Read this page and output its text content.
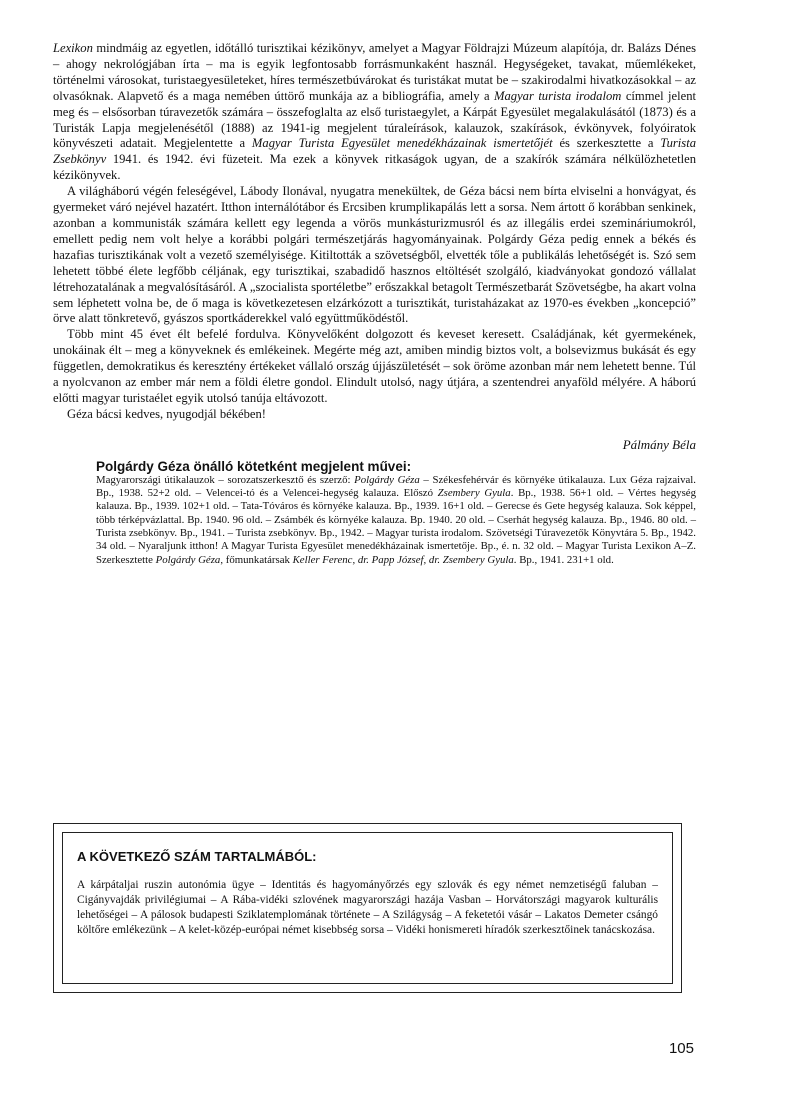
Lexikon mindmáig az egyetlen, időtálló turisztikai kézikönyv, amelyet a Magyar Földrajzi Múzeum alapítója, dr. Balázs Dénes – ahogy nekrológjában írta – ma is egyik legfontosabb forrásmunkaként használ. Hegységeket, tavakat, műemlékeket, történelmi városokat, turistaegyesületeket, híres természetbúvárokat és turistákat mutat be – szakirodalmi hivatkozásokkal – az olvasóknak. Alapvető és a maga nemében úttörő munkája az a bibliográfia, amely a Magyar turista irodalom címmel jelent meg és – elsősorban túravezetők számára – összefoglalta az első turistaegylet, a Kárpát Egyesület megalakulásától (1873) és a Turisták Lapja megjelenésétől (1888) az 1941-ig megjelent túraleírások, kalauzok, szakírások, évkönyvek, folyóiratok könyvészeti adatait. Megjelentette a Magyar Turista Egyesület menedékházainak ismertetőjét és szerkesztette a Turista Zsebkönyv 1941. és 1942. évi füzeteit. Ma ezek a könyvek ritkaságok ugyan, de a szakírók számára nélkülözhetetlen kézikönyvek.

A világháború végén feleségével, Lábody Ilonával, nyugatra menekültek, de Géza bácsi nem bírta elviselni a honvágyat, és gyermeket váró nejével hazatért. Itthon internálótábor és Ercsiben krumplikapálás lett a sorsa. Nem ártott ő korábban senkinek, azonban a kommunisták számára kellett egy legenda a vörös munkásturizmusról és az illegális erdei szemináriumokról, emellett pedig nem volt helye a korábbi polgári természetjárás hagyományainak. Polgárdy Géza pedig ennek a békés és hazafias turisztikának volt a vezető személyisége. Kitiltották a szövetségből, elvették tőle a publikálás lehetőségét is. Szó sem lehetett többé élete legfőbb céljának, egy turisztikai, szabadidő hasznos eltöltését szolgáló, kiadványokat gondozó vállalat létrehozatalának a megvalósításáról. A „szocialista sportéletbe” erőszakkal betagolt Természetbarát Szövetségbe, ha akart volna sem léphetett volna be, de ő maga is következetesen elzárkózott a turisztikát, turistaházakat az 1970-es években „koncepció” örve alatt tönkretevő, gyászos sportkáderekkel való együttműködéstől.

Több mint 45 évet élt befelé fordulva. Könyvelőként dolgozott és keveset keresett. Családjának, két gyermekének, unokáinak élt – meg a könyveknek és emlékeinek. Megérte még azt, amiben mindig biztos volt, a bolsevizmus bukását és egy független, demokratikus és keresztény értékeket vállaló ország újjászületését – sok öröme azonban már nem lehetett benne. Túl a nyolcvanon az ember már nem a földi életre gondol. Elindult utolsó, nagy útjára, a szentendrei anyaföld mélyére. A háború előtti magyar turistaélet egyik utolsó tanúja eltávozott.

Géza bácsi kedves, nyugodjál békében!

Pálmány Béla
Polgárdy Géza önálló kötetként megjelent művei:

Magyarországi útikalauzok – sorozatszerkesztő és szerző: Polgárdy Géza – Székesfehérvár és környéke útikalauza. Lux Géza rajzaival. Bp., 1938. 52+2 old. – Velencei-tó és a Velencei-hegység kalauza. Előszó Zsembery Gyula. Bp., 1938. 56+1 old. – Vértes hegység kalauza. Bp., 1939. 102+1 old. – Tata-Tóváros és környéke kalauza. Bp., 1939. 16+1 old. – Gerecse és Gete hegység kalauza. Sok képpel, több térképvázlattal. Bp. 1940. 96 old. – Zsámbék és környéke kalauza. Bp. 1940. 20 old. – Cserhát hegység kalauza. Bp., 1946. 80 old. – Turista zsebkönyv. Bp., 1941. – Turista zsebkönyv. Bp., 1942. – Magyar turista irodalom. Szövetségi Túravezetők Könyvtára 5. Bp., 1942. 34 old. – Nyaraljunk itthon! A Magyar Turista Egyesület menedékházainak ismertetője. Bp., é. n. 32 old. – Magyar Turista Lexikon A–Z. Szerkesztette Polgárdy Géza, főmunkatársak Keller Ferenc, dr. Papp József, dr. Zsembery Gyula. Bp., 1941. 231+1 old.

A KÖVETKEZŐ SZÁM TARTALMÁBÓL:
A kárpátaljai ruszin autonómia ügye – Identitás és hagyományőrzés egy szlovák és egy német nemzetiségű faluban – Cigányvajdák privilégiumai – A Rába-vidéki szlovének magyarországi hazája Vasban – Horvátországi magyarok kulturális lehetőségei – A pálosok budapesti Sziklatemplomának története – A Szilágyság – A feketetói vásár – Lakatos Demeter csángó költőre emlékezünk – A kelet-közép-európai német kisebbség sorsa – Vidéki honismereti híradók szerkesztőinek tanácskozása.
105
